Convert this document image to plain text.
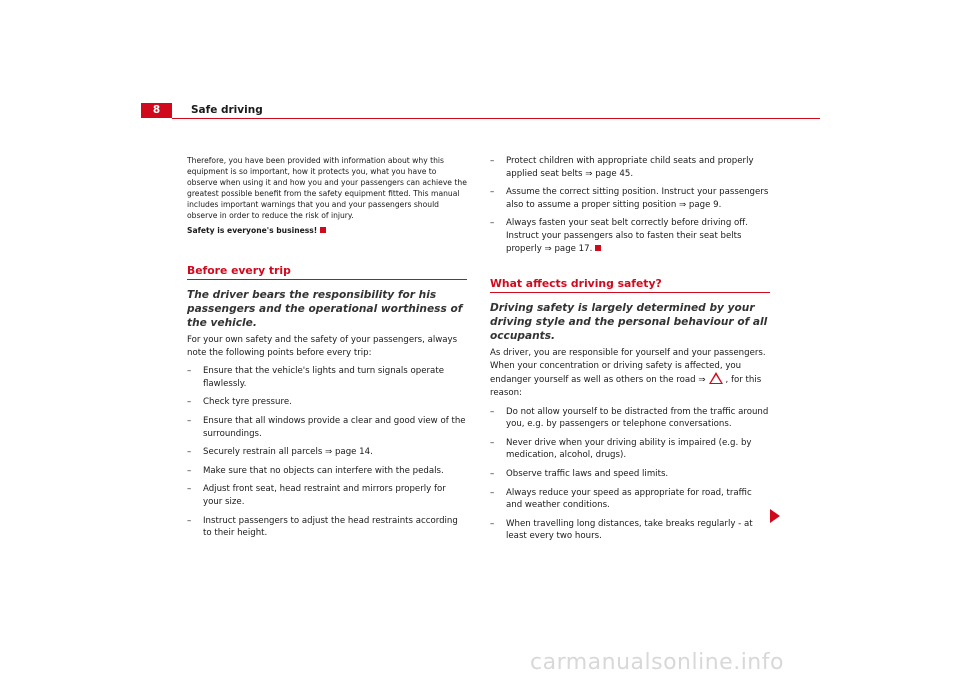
8	Safe driving

Therefore, you have been provided with information about why this equipment is so important, how it protects you, what you have to observe when using it and how you and your passengers can achieve the greatest possible benefit from the safety equipment fitted. This manual includes important warnings that you and your passengers should observe in order to reduce the risk of injury.

Safety is everyone's business!

Before every trip
The driver bears the responsibility for his passengers and the operational worthiness of the vehicle.

For your own safety and the safety of your passengers, always note the following points before every trip:

– Ensure that the vehicle's lights and turn signals operate flawlessly.
– Check tyre pressure.
– Ensure that all windows provide a clear and good view of the surroundings.
– Securely restrain all parcels ⇒ page 14.
– Make sure that no objects can interfere with the pedals.
– Adjust front seat, head restraint and mirrors properly for your size.
– Instruct passengers to adjust the head restraints according to their height.
– Protect children with appropriate child seats and properly applied seat belts ⇒ page 45.
– Assume the correct sitting position. Instruct your passengers also to assume a proper sitting position ⇒ page 9.
– Always fasten your seat belt correctly before driving off. Instruct your passengers also to fasten their seat belts properly ⇒ page 17.
What affects driving safety?
Driving safety is largely determined by your driving style and the personal behaviour of all occupants.

As driver, you are responsible for yourself and your passengers. When your concentration or driving safety is affected, you endanger yourself as well as others on the road ⇒ , for this reason:

– Do not allow yourself to be distracted from the traffic around you, e.g. by passengers or telephone conversations.
– Never drive when your driving ability is impaired (e.g. by medication, alcohol, drugs).
– Observe traffic laws and speed limits.
– Always reduce your speed as appropriate for road, traffic and weather conditions.
– When travelling long distances, take breaks regularly - at least every two hours.
carmanualsonline.info
